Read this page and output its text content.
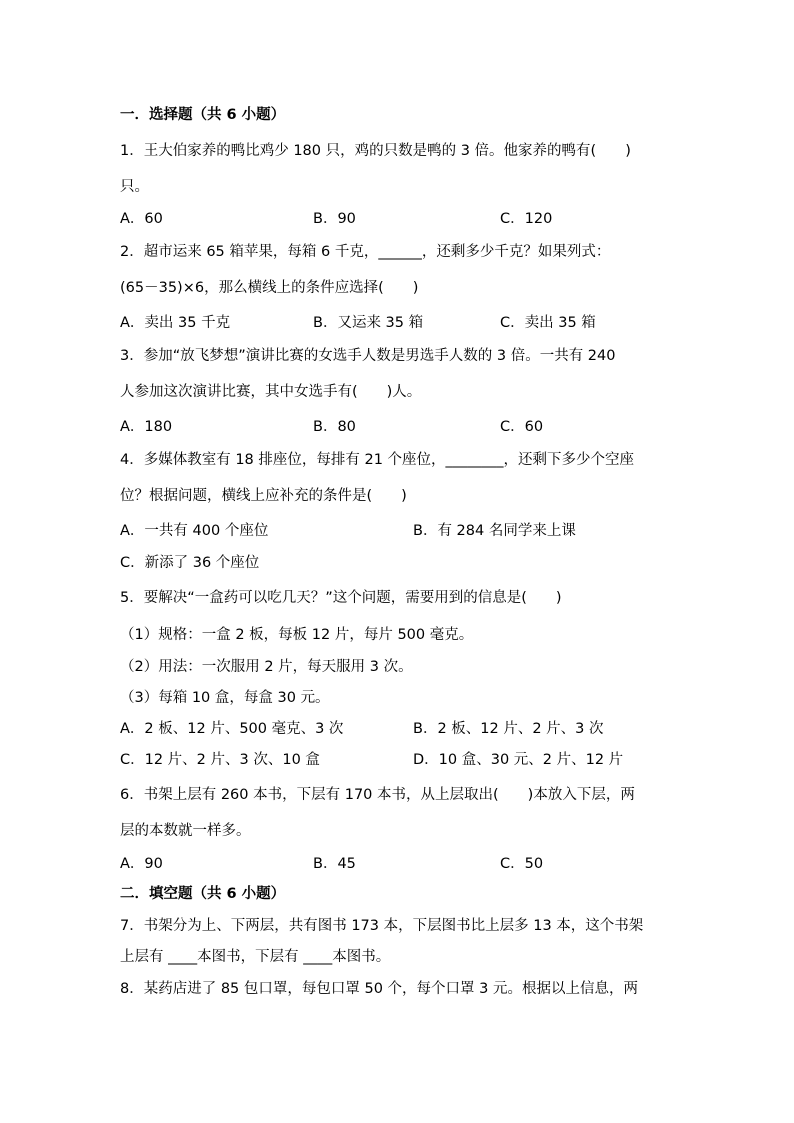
一．选择题（共 6 小题）
1．王大伯家养的鸭比鸡少 180 只，鸡的只数是鸭的 3 倍。他家养的鸭有(　　)
只。
A．60	B．90	C．120
2．超市运来 65 箱苹果，每箱 6 千克，______，还剩多少千克？如果列式：
(65－35)×6，那么横线上的条件应选择(　　)
A．卖出 35 千克	B．又运来 35 箱	C．卖出 35 箱
3．参加“放飞梦想”演讲比赛的女选手人数是男选手人数的 3 倍。一共有 240
人参加这次演讲比赛，其中女选手有(　　)人。
A．180	B．80	C．60
4．多媒体教室有 18 排座位，每排有 21 个座位，________，还剩下多少个空座
位？根据问题，横线上应补充的条件是(　　)
A．一共有 400 个座位	B．有 284 名同学来上课
C．新添了 36 个座位
5．要解决“一盒药可以吃几天？”这个问题，需要用到的信息是(　　)
（1）规格：一盒 2 板，每板 12 片，每片 500 毫克。
（2）用法：一次服用 2 片，每天服用 3 次。
（3）每箱 10 盒，每盒 30 元。
A．2 板、12 片、500 毫克、3 次	B．2 板、12 片、2 片、3 次
C．12 片、2 片、3 次、10 盒	D．10 盒、30 元、2 片、12 片
6．书架上层有 260 本书，下层有 170 本书，从上层取出(　　)本放入下层，两
层的本数就一样多。
A．90	B．45	C．50
二．填空题（共 6 小题）
7．书架分为上、下两层，共有图书 173 本，下层图书比上层多 13 本，这个书架
上层有 ____本图书，下层有 ____本图书。
8．某药店进了 85 包口罩，每包口罩 50 个，每个口罩 3 元。根据以上信息，两
